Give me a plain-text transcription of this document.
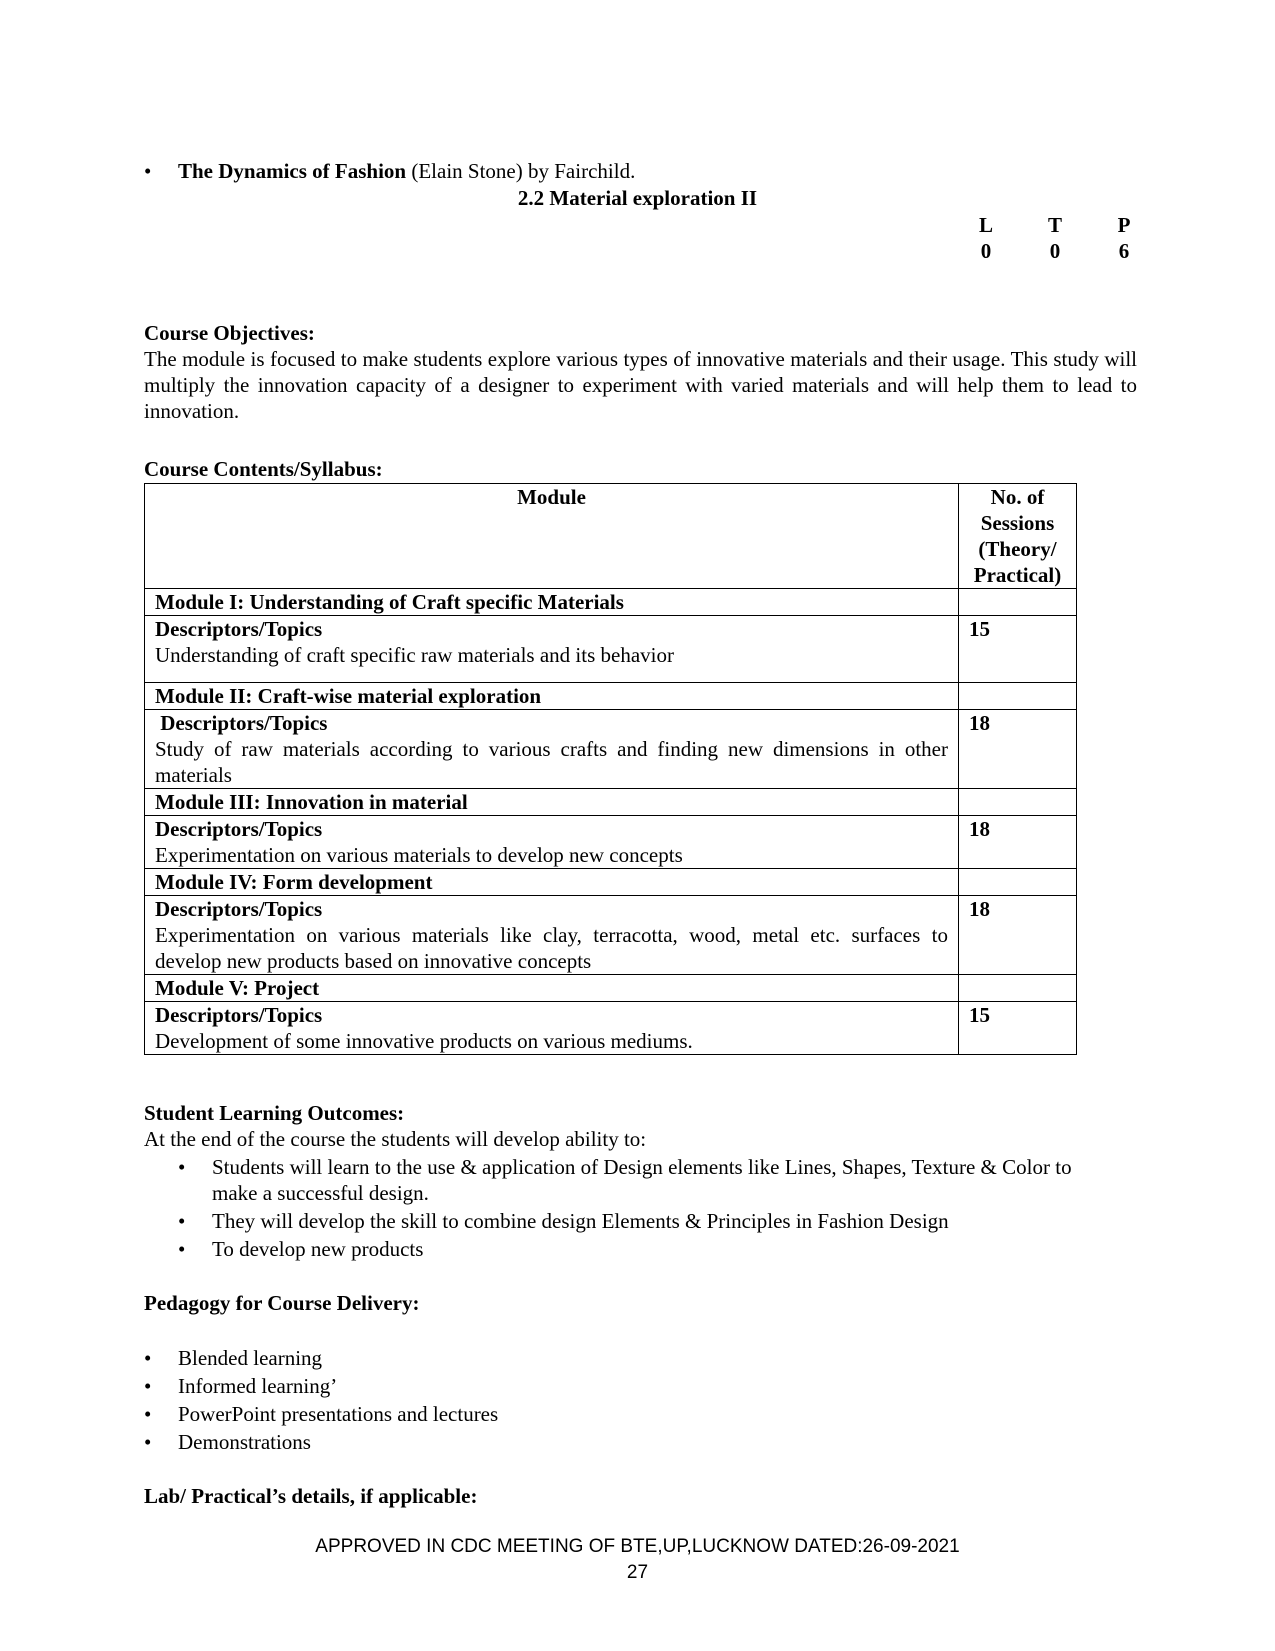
•	The Dynamics of Fashion (Elain Stone) by Fairchild.
2.2 Material exploration II
L	T	P
0	0	6
Course Objectives:
The module is focused to make students explore various types of innovative materials and their usage. This study will multiply the innovation capacity of a designer to experiment with varied materials and will help them to lead to innovation.
Course Contents/Syllabus:
Module	No. of Sessions (Theory/ Practical)
Module I: Understanding of Craft specific Materials	

Descriptors/Topics
Understanding of craft specific raw materials and its behavior	15
Module II: Craft-wise material exploration	

Descriptors/Topics
Study of raw materials according to various crafts and finding new dimensions in other materials	18
Module III: Innovation in material	

Descriptors/Topics
Experimentation on various materials to develop new concepts	18
Module IV: Form development	

Descriptors/Topics
Experimentation on various materials like clay, terracotta, wood, metal etc. surfaces to develop new products based on innovative concepts	18
Module V: Project	

Descriptors/Topics
Development of some innovative products on various mediums.	15
Student Learning Outcomes:
At the end of the course the students will develop ability to:
•	Students will learn to the use & application of Design elements like Lines, Shapes, Texture & Color to make a successful design.
•	They will develop the skill to combine design Elements & Principles in Fashion Design
•	To develop new products
Pedagogy for Course Delivery:
•	Blended learning
•	Informed learning’
•	PowerPoint presentations and lectures
•	Demonstrations
Lab/ Practical’s details, if applicable:
APPROVED IN CDC MEETING OF BTE,UP,LUCKNOW DATED:26-09-2021
27
